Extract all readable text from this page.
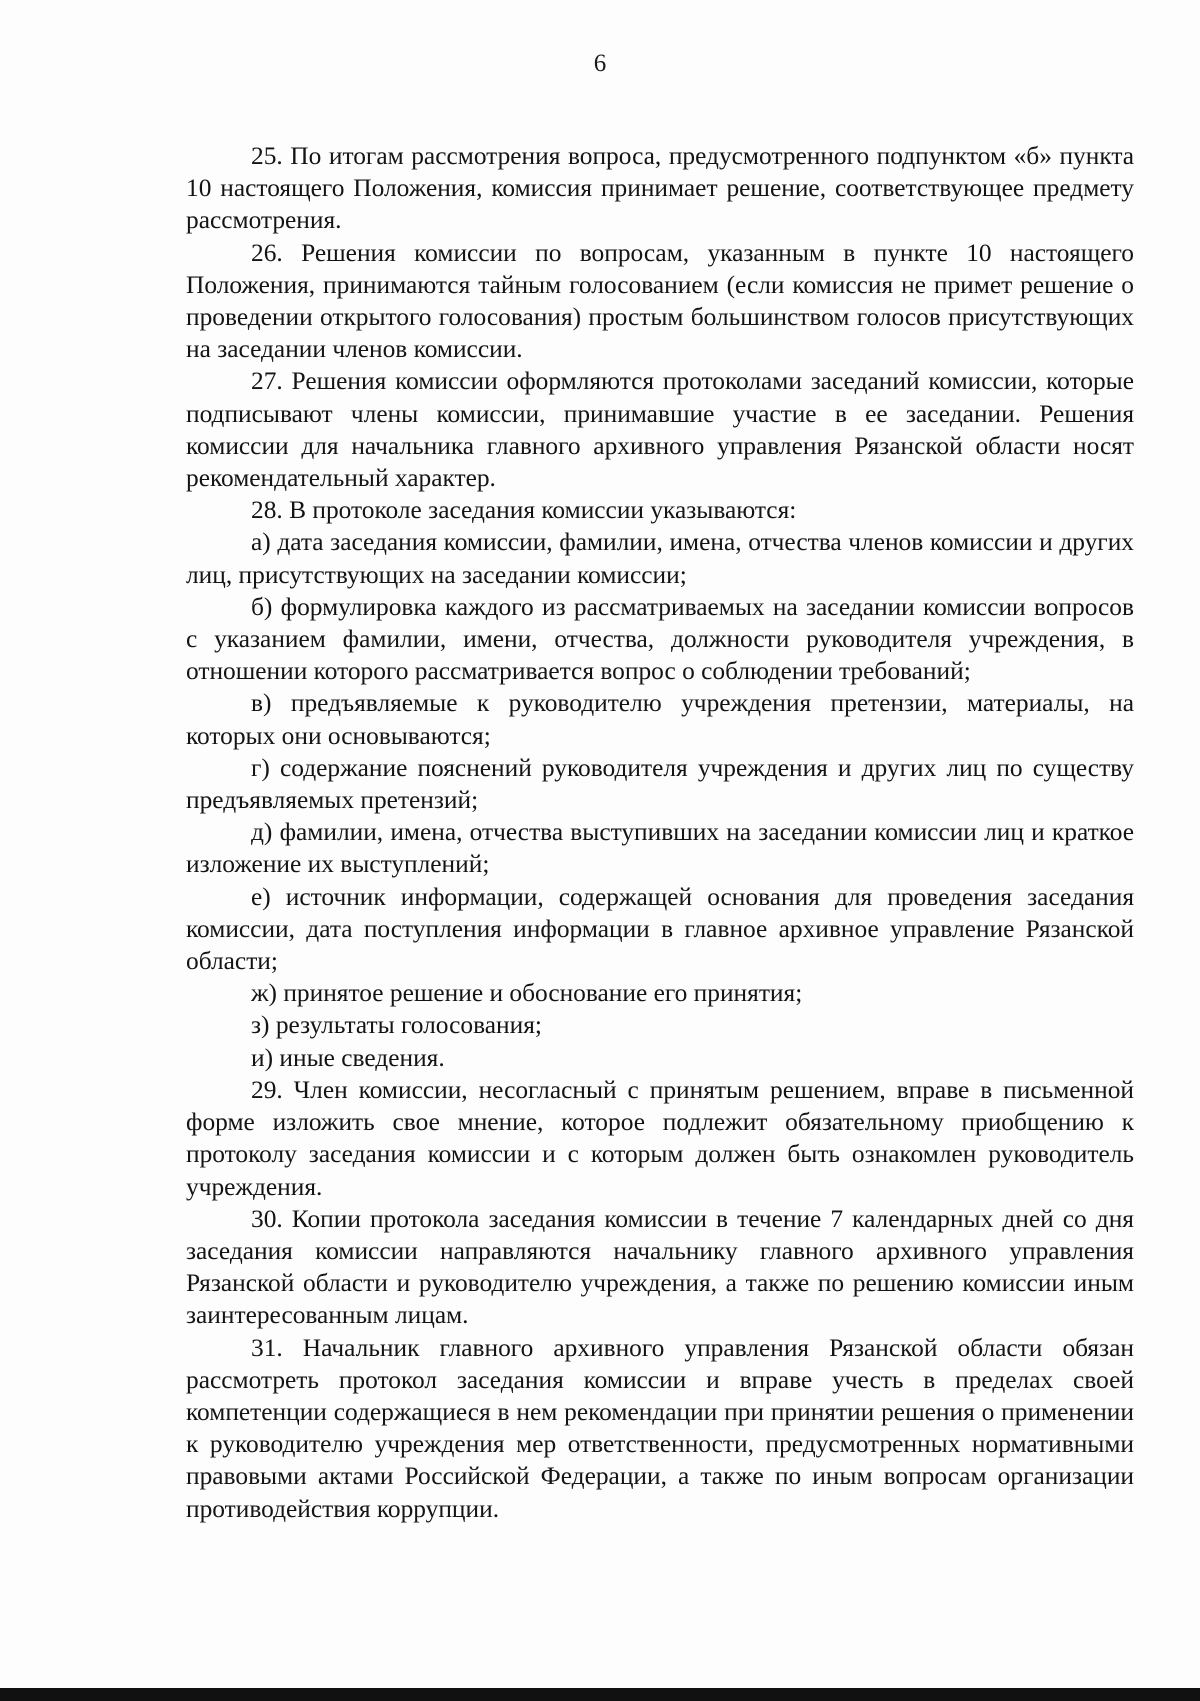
6

25. По итогам рассмотрения вопроса, предусмотренного подпунктом «б» пункта 10 настоящего Положения, комиссия принимает решение, соответствующее предмету рассмотрения.

26. Решения комиссии по вопросам, указанным в пункте 10 настоящего Положения, принимаются тайным голосованием (если комиссия не примет решение о проведении открытого голосования) простым большинством голосов присутствующих на заседании членов комиссии.

27. Решения комиссии оформляются протоколами заседаний комиссии, которые подписывают члены комиссии, принимавшие участие в ее заседании. Решения комиссии для начальника главного архивного управления Рязанской области носят рекомендательный характер.

28. В протоколе заседания комиссии указываются:

а) дата заседания комиссии, фамилии, имена, отчества членов комиссии и других лиц, присутствующих на заседании комиссии;

б) формулировка каждого из рассматриваемых на заседании комиссии вопросов с указанием фамилии, имени, отчества, должности руководителя учреждения, в отношении которого рассматривается вопрос о соблюдении требований;

в) предъявляемые к руководителю учреждения претензии, материалы, на которых они основываются;

г) содержание пояснений руководителя учреждения и других лиц по существу предъявляемых претензий;

д) фамилии, имена, отчества выступивших на заседании комиссии лиц и краткое изложение их выступлений;

е) источник информации, содержащей основания для проведения заседания комиссии, дата поступления информации в главное архивное управление Рязанской области;

ж) принятое решение и обоснование его принятия;

з) результаты голосования;

и) иные сведения.

29. Член комиссии, несогласный с принятым решением, вправе в письменной форме изложить свое мнение, которое подлежит обязательному приобщению к протоколу заседания комиссии и с которым должен быть ознакомлен руководитель учреждения.

30. Копии протокола заседания комиссии в течение 7 календарных дней со дня заседания комиссии направляются начальнику главного архивного управления Рязанской области и руководителю учреждения, а также по решению комиссии иным заинтересованным лицам.

31. Начальник главного архивного управления Рязанской области обязан рассмотреть протокол заседания комиссии и вправе учесть в пределах своей компетенции содержащиеся в нем рекомендации при принятии решения о применении к руководителю учреждения мер ответственности, предусмотренных нормативными правовыми актами Российской Федерации, а также по иным вопросам организации противодействия коррупции.
